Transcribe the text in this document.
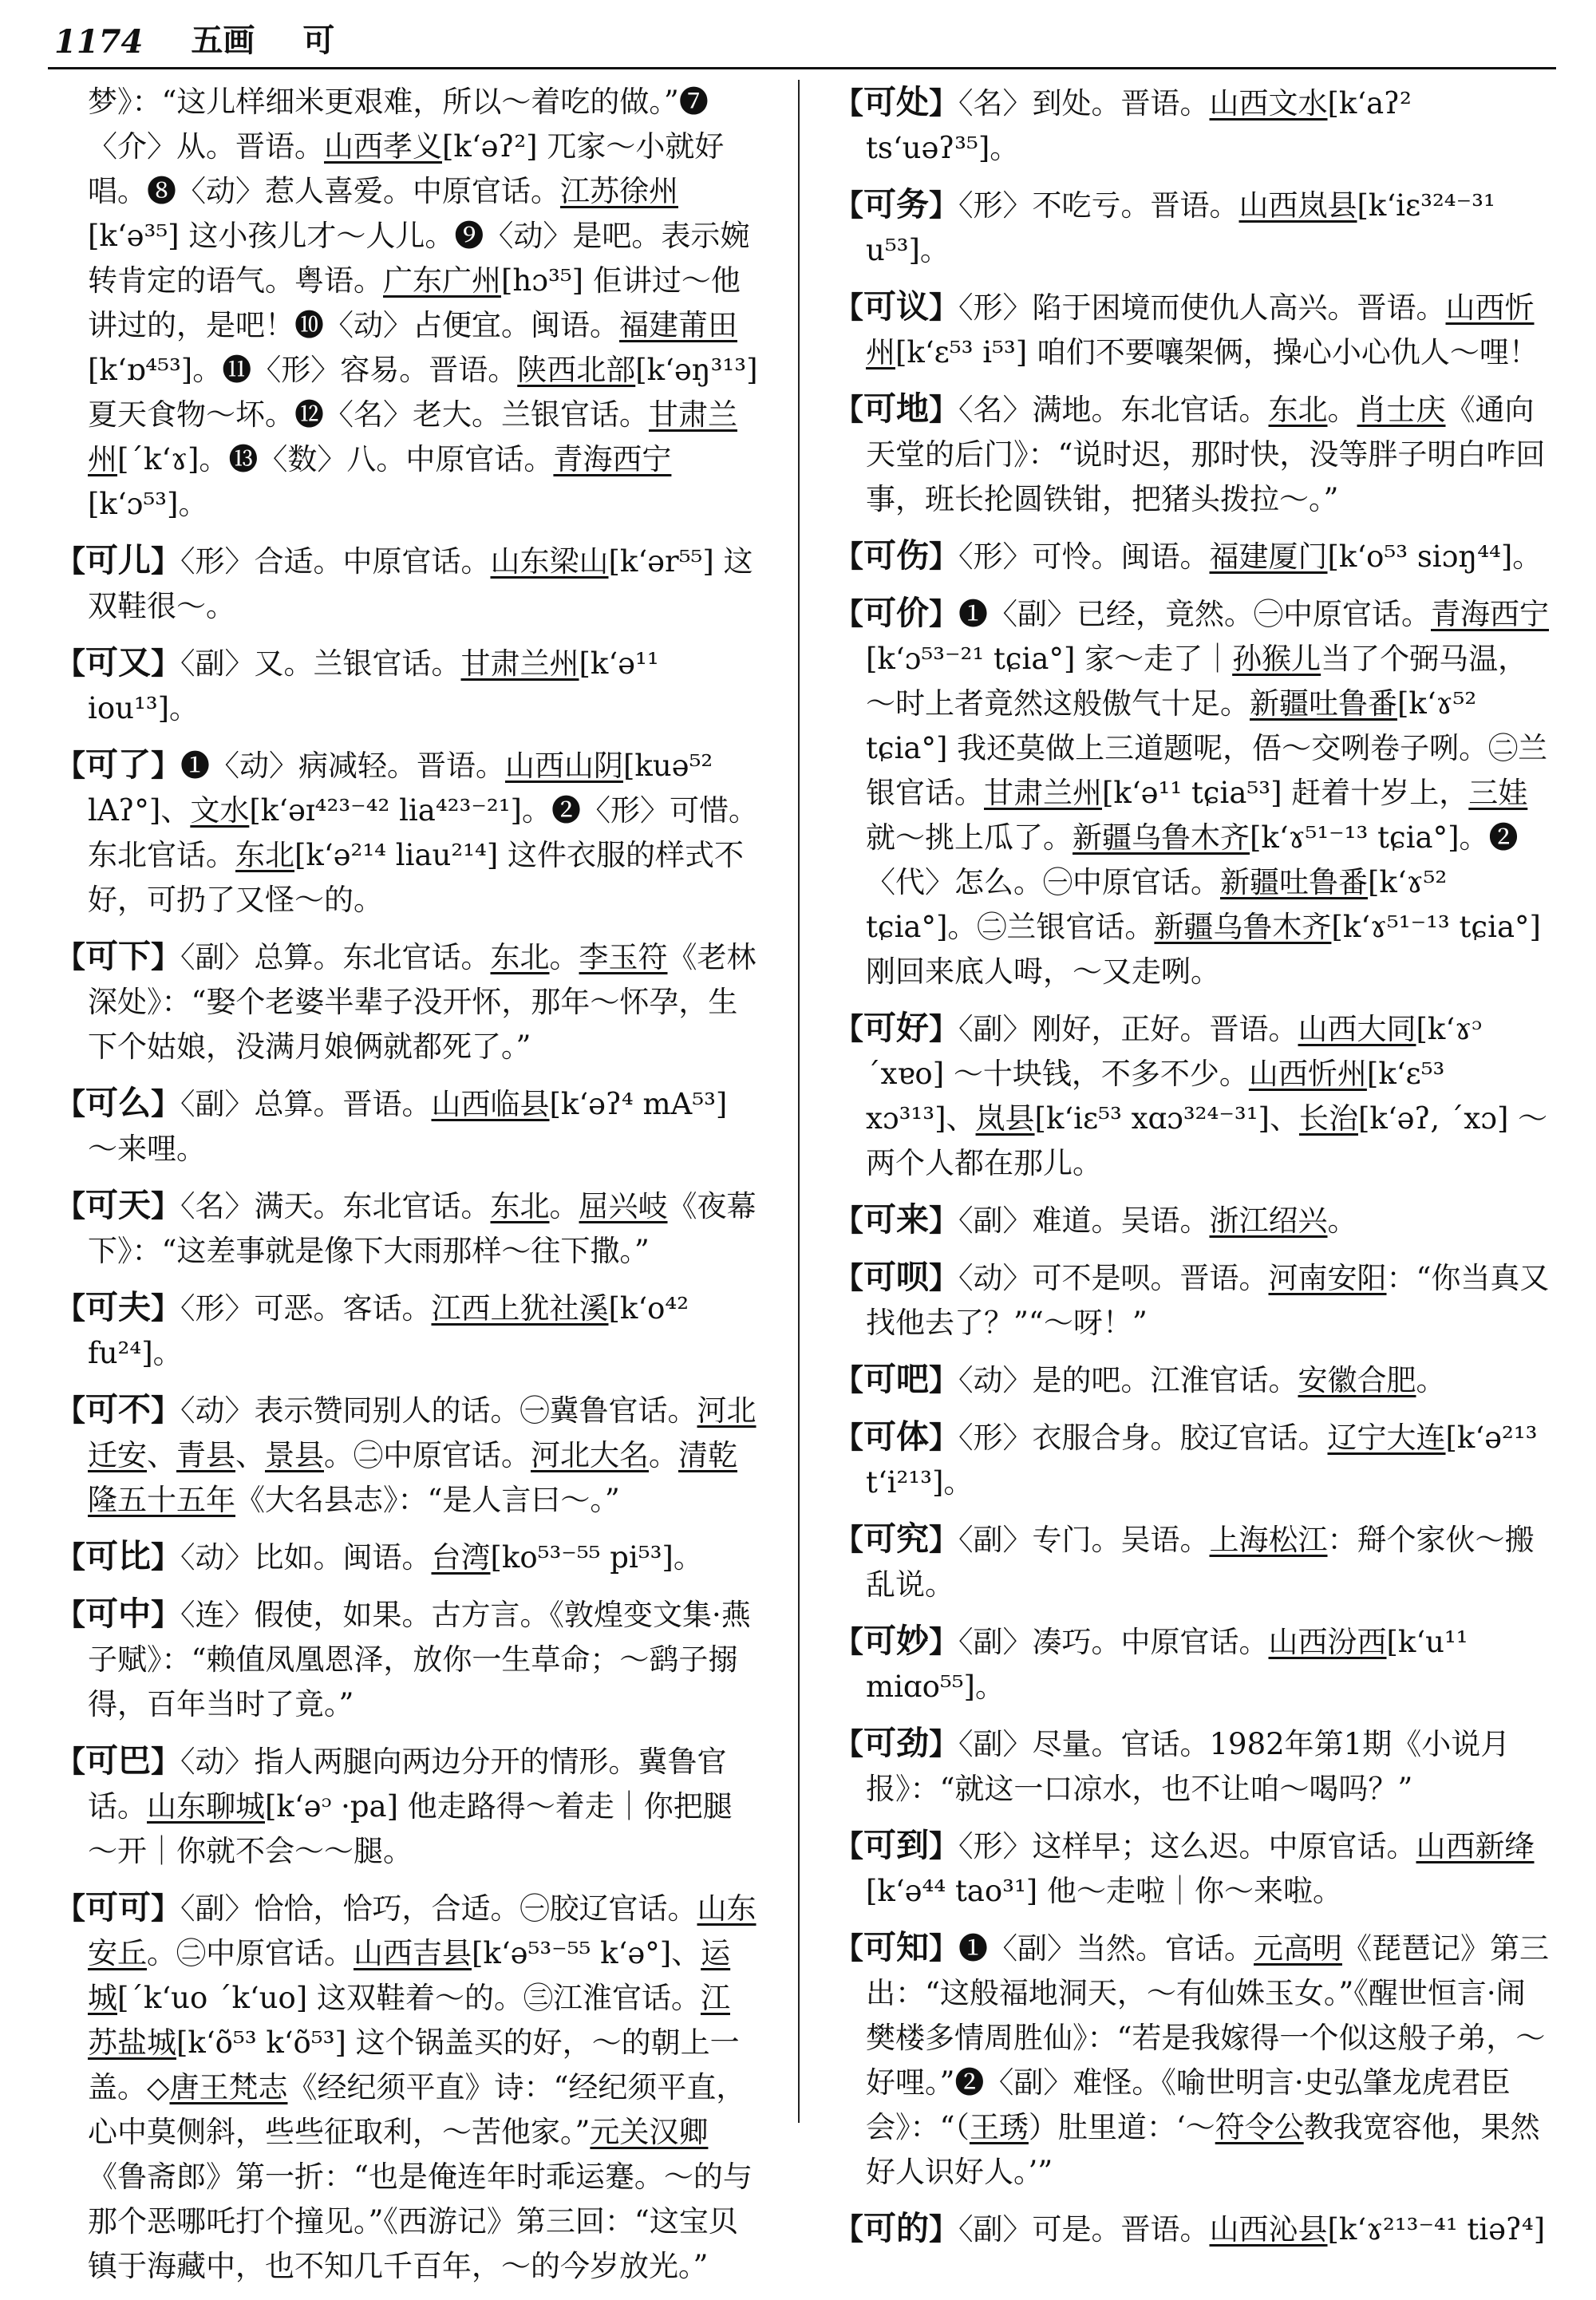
1174 五画 可
梦》：“这儿样细米更艰难，所以～着吃的做。”❼〈介〉从。晋语。山西孝义[k‘əʔ²] 兀家～小就好唱。❽〈动〉惹人喜爱。中原官话。江苏徐州[k‘ə³⁵] 这小孩儿才～人儿。❾〈动〉是吧。表示婉转肯定的语气。粤语。广东广州[hɔ³⁵] 佢讲过～他讲过的，是吧！❿〈动〉占便宜。闽语。福建莆田[k‘ɒ⁴⁵³]。⓫〈形〉容易。晋语。陕西北部[k‘əŋ³¹³] 夏天食物～坏。⓬〈名〉老大。兰银官话。甘肃兰州[ˊk‘ɤ]。⓭〈数〉八。中原官话。青海西宁[k‘ɔ⁵³]。
【可儿】〈形〉合适。中原官话。山东梁山[k‘ər⁵⁵] 这双鞋很～。
【可又】〈副〉又。兰银官话。甘肃兰州[k‘ə¹¹ iou¹³]。
【可了】❶〈动〉病减轻。晋语。山西山阴[kuə⁵² lAʔ°]、文水[k‘əɪ⁴²³⁻⁴² lia⁴²³⁻²¹]。❷〈形〉可惜。东北官话。东北[k‘ə²¹⁴ liau²¹⁴] 这件衣服的样式不好，可扔了又怪～的。
【可下】〈副〉总算。东北官话。东北。李玉符《老林深处》：“娶个老婆半辈子没开怀，那年～怀孕，生下个姑娘，没满月娘俩就都死了。”
【可么】〈副〉总算。晋语。山西临县[k‘əʔ⁴ mA⁵³] ～来哩。
【可天】〈名〉满天。东北官话。东北。屈兴岐《夜幕下》：“这差事就是像下大雨那样～往下撒。”
【可夫】〈形〉可恶。客话。江西上犹社溪[k‘o⁴² fu²⁴]。
【可不】〈动〉表示赞同别人的话。㊀冀鲁官话。河北迁安、青县、景县。㊁中原官话。河北大名。清乾隆五十五年《大名县志》：“是人言曰～。”
【可比】〈动〉比如。闽语。台湾[ko⁵³⁻⁵⁵ pi⁵³]。
【可中】〈连〉假使，如果。古方言。《敦煌变文集·燕子赋》：“赖值凤凰恩泽，放你一生草命；～鹞子搦得，百年当时了竟。”
【可巴】〈动〉指人两腿向两边分开的情形。冀鲁官话。山东聊城[k‘əᵓ ·pa] 他走路得～着走｜你把腿～开｜你就不会～～腿。
【可可】〈副〉恰恰，恰巧，合适。㊀胶辽官话。山东安丘。㊁中原官话。山西吉县[k‘ə⁵³⁻⁵⁵ k‘ə°]、运城[ˊk‘uo ˊk‘uo] 这双鞋着～的。㊂江淮官话。江苏盐城[k‘õ⁵³ k‘õ⁵³] 这个锅盖买的好，～的朝上一盖。◇唐王梵志《经纪须平直》诗：“经纪须平直，心中莫侧斜，些些征取利，～苦他家。”元关汉卿《鲁斋郎》第一折：“也是俺连年时乖运蹇。～的与那个恶哪吒打个撞见。”《西游记》第三回：“这宝贝镇于海藏中，也不知几千百年，～的今岁放光。”
【可处】〈名〉到处。晋语。山西文水[k‘aʔ² ts‘uəʔ³⁵]。
【可务】〈形〉不吃亏。晋语。山西岚县[k‘iɛ³²⁴⁻³¹ u⁵³]。
【可议】〈形〉陷于困境而使仇人高兴。晋语。山西忻州[k‘ɛ⁵³ i⁵³] 咱们不要嚷架俩，操心小心仇人～哩！
【可地】〈名〉满地。东北官话。东北。肖士庆《通向天堂的后门》：“说时迟，那时快，没等胖子明白咋回事，班长抡圆铁钳，把猪头拨拉～。”
【可伤】〈形〉可怜。闽语。福建厦门[k‘o⁵³ siɔŋ⁴⁴]。
【可价】❶〈副〉已经，竟然。㊀中原官话。青海西宁[k‘ɔ⁵³⁻²¹ tɕia°] 家～走了｜孙猴儿当了个弼马温，～时上者竟然这般傲气十足。新疆吐鲁番[k‘ɤ⁵² tɕia°] 我还莫做上三道题呢，俉～交咧卷子咧。㊁兰银官话。甘肃兰州[k‘ə¹¹ tɕia⁵³] 赶着十岁上，三娃就～挑上瓜了。新疆乌鲁木齐[k‘ɤ⁵¹⁻¹³ tɕia°]。❷〈代〉怎么。㊀中原官话。新疆吐鲁番[k‘ɤ⁵² tɕia°]。㊁兰银官话。新疆乌鲁木齐[k‘ɤ⁵¹⁻¹³ tɕia°] 刚回来底人呣，～又走咧。
【可好】〈副〉刚好，正好。晋语。山西大同[k‘ɤᵓ ˊxɐo] ～十块钱，不多不少。山西忻州[k‘ɛ⁵³ xɔ³¹³]、岚县[k‘iɛ⁵³ xɑɔ³²⁴⁻³¹]、长治[k‘əʔ, ˊxɔ] ～两个人都在那儿。
【可来】〈副〉难道。吴语。浙江绍兴。
【可呗】〈动〉可不是呗。晋语。河南安阳：“你当真又找他去了？”“～呀！”
【可吧】〈动〉是的吧。江淮官话。安徽合肥。
【可体】〈形〉衣服合身。胶辽官话。辽宁大连[k‘ə²¹³ t‘i²¹³]。
【可究】〈副〉专门。吴语。上海松江：搿个家伙～搬乱说。
【可妙】〈副〉凑巧。中原官话。山西汾西[k‘u¹¹ miɑo⁵⁵]。
【可劲】〈副〉尽量。官话。1982年第1期《小说月报》：“就这一口凉水，也不让咱～喝吗？”
【可到】〈形〉这样早；这么迟。中原官话。山西新绛[k‘ə⁴⁴ tao³¹] 他～走啦｜你～来啦。
【可知】❶〈副〉当然。官话。元高明《琵琶记》第三出：“这般福地洞天，～有仙姝玉女。”《醒世恒言·闹樊楼多情周胜仙》：“若是我嫁得一个似这般子弟，～好哩。”❷〈副〉难怪。《喻世明言·史弘肇龙虎君臣会》：“（王琇）肚里道：‘～符令公教我宽容他，果然好人识好人。’”
【可的】〈副〉可是。晋语。山西沁县[k‘ɤ²¹³⁻⁴¹ tiəʔ⁴]
